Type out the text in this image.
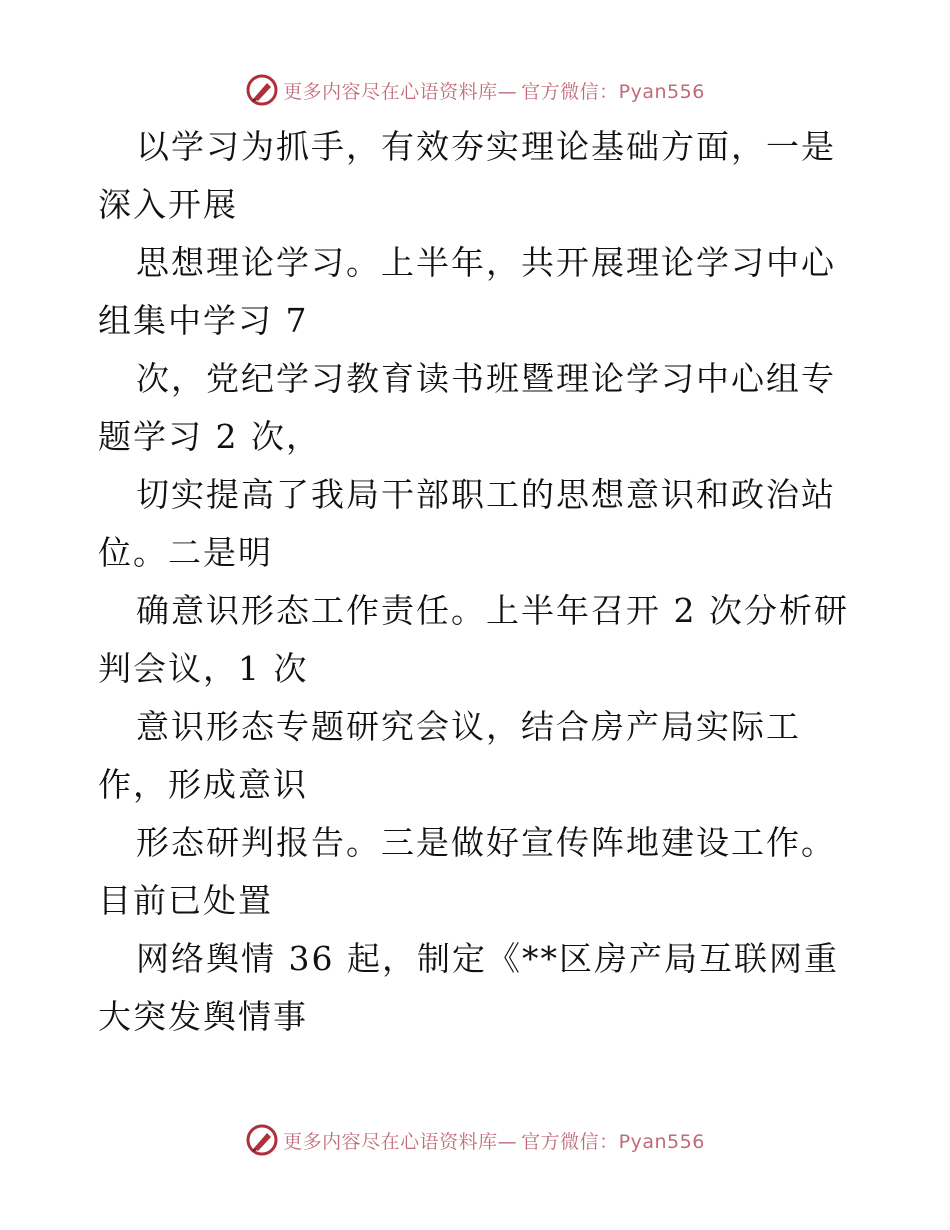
更多内容尽在心语资料库— 官方微信：Pyan556

以学习为抓手，有效夯实理论基础方面，一是深入开展

思想理论学习。上半年，共开展理论学习中心组集中学习 7

次，党纪学习教育读书班暨理论学习中心组专题学习 2 次，

切实提高了我局干部职工的思想意识和政治站位。二是明

确意识形态工作责任。上半年召开 2 次分析研判会议，1 次

意识形态专题研究会议，结合房产局实际工作，形成意识

形态研判报告。三是做好宣传阵地建设工作。目前已处置

网络舆情 36 起，制定《**区房产局互联网重大突发舆情事

更多内容尽在心语资料库— 官方微信：Pyan556
